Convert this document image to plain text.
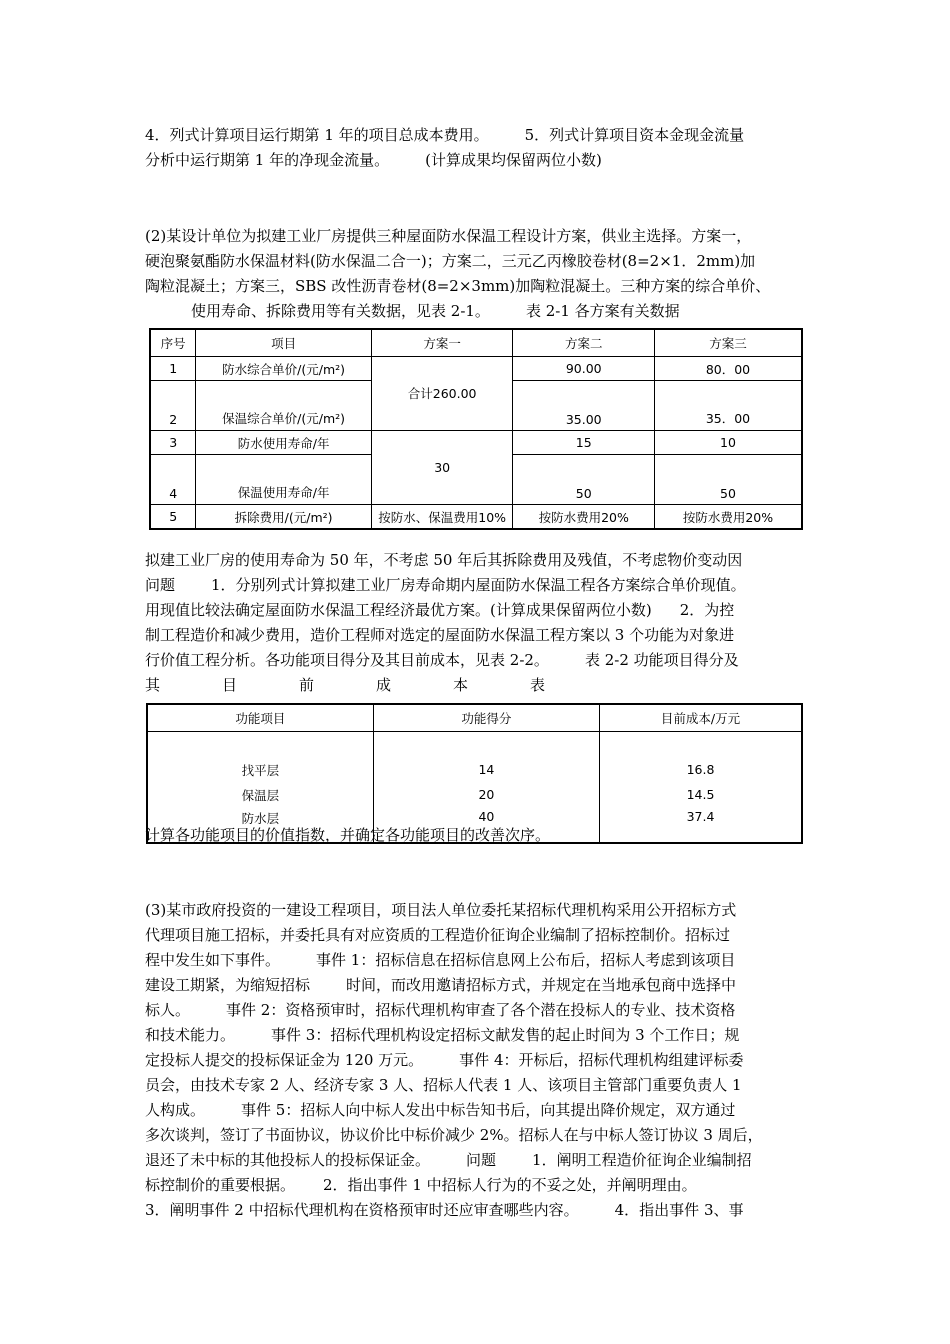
4．列式计算项目运行期第 1 年的项目总成本费用。 5．列式计算项目资本金现金流量
分析中运行期第 1 年的净现金流量。 (计算成果均保留两位小数)
(2)某设计单位为拟建工业厂房提供三种屋面防水保温工程设计方案，供业主选择。方案一，
硬泡聚氨酯防水保温材料(防水保温二合一)；方案二，三元乙丙橡胶卷材(8=2×1．2mm)加
陶粒混凝土；方案三，SBS 改性沥青卷材(8=2×3mm)加陶粒混凝土。三种方案的综合单价、
使用寿命、拆除费用等有关数据，见表 2-1。 表 2-1 各方案有关数据
序号	项目	方案一	方案二	方案三
1	防水综合单价/(元/m²)	合计260.00	90.00	80．00
2	保温综合单价/(元/m²)		35.00	35．00
3	防水使用寿命/年	30	15	10
4	保温使用寿命/年		50	50
5	拆除费用/(元/m²)	按防水、保温费用10%	按防水费用20%	按防水费用20%
拟建工业厂房的使用寿命为 50 年，不考虑 50 年后其拆除费用及残值，不考虑物价变动因
问题 1．分别列式计算拟建工业厂房寿命期内屋面防水保温工程各方案综合单价现值。
用现值比较法确定屋面防水保温工程经济最优方案。(计算成果保留两位小数) 2．为控
制工程造价和减少费用，造价工程师对选定的屋面防水保温工程方案以 3 个功能为对象进
行价值工程分析。各功能项目得分及其目前成本，见表 2-2。 表 2-2 功能项目得分及
其目前成本表
功能项目	功能得分	目前成本/万元

找平层	14	16.8
保温层	20	14.5
防水层	40	37.4
计算各功能项目的价值指数，并确定各功能项目的改善次序。
(3)某市政府投资的一建设工程项目，项目法人单位委托某招标代理机构采用公开招标方式
代理项目施工招标，并委托具有对应资质的工程造价征询企业编制了招标控制价。招标过
程中发生如下事件。 事件 1：招标信息在招标信息网上公布后，招标人考虑到该项目
建设工期紧，为缩短招标 时间，而改用邀请招标方式，并规定在当地承包商中选择中
标人。 事件 2：资格预审时，招标代理机构审查了各个潜在投标人的专业、技术资格
和技术能力。 事件 3：招标代理机构设定招标文献发售的起止时间为 3 个工作日；规
定投标人提交的投标保证金为 120 万元。 事件 4：开标后，招标代理机构组建评标委
员会，由技术专家 2 人、经济专家 3 人、招标人代表 1 人、该项目主管部门重要负责人 1
人构成。 事件 5：招标人向中标人发出中标告知书后，向其提出降价规定，双方通过
多次谈判，签订了书面协议，协议价比中标价减少 2%。招标人在与中标人签订协议 3 周后，
退还了未中标的其他投标人的投标保证金。 问题 1．阐明工程造价征询企业编制招
标控制价的重要根据。 2．指出事件 1 中招标人行为的不妥之处，并阐明理由。
3．阐明事件 2 中招标代理机构在资格预审时还应审查哪些内容。 4．指出事件 3、事
